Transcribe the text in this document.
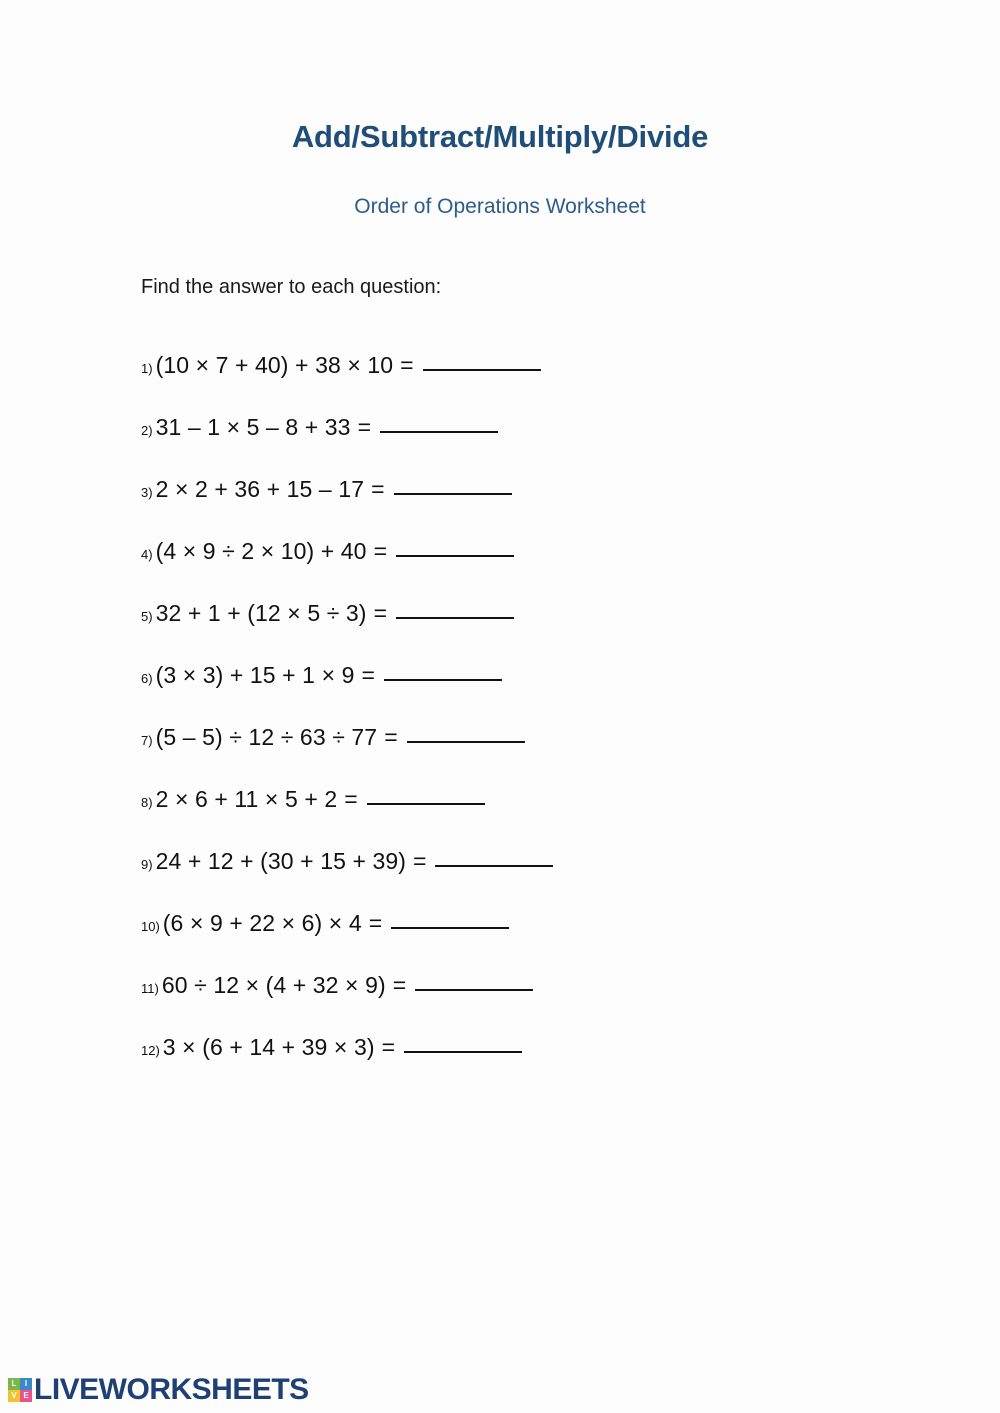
Add/Subtract/Multiply/Divide
Order of Operations Worksheet
Find the answer to each question:
1) (10 × 7 + 40) + 38 × 10 =
2) 31 – 1 × 5 – 8 + 33 =
3) 2 × 2 + 36 + 15 – 17 =
4) (4 × 9 ÷ 2 × 10) + 40 =
5) 32 + 1 + (12 × 5 ÷ 3) =
6) (3 × 3) + 15 + 1 × 9 =
7) (5 – 5) ÷ 12 ÷ 63 ÷ 77 =
8) 2 × 6 + 11 × 5 + 2 =
9) 24 + 12 + (30 + 15 + 39) =
10) (6 × 9 + 22 × 6) × 4 =
11) 60 ÷ 12 × (4 + 32 × 9) =
12) 3 × (6 + 14 + 39 × 3) =
L	I
V E LIVEWORKSHEETS
